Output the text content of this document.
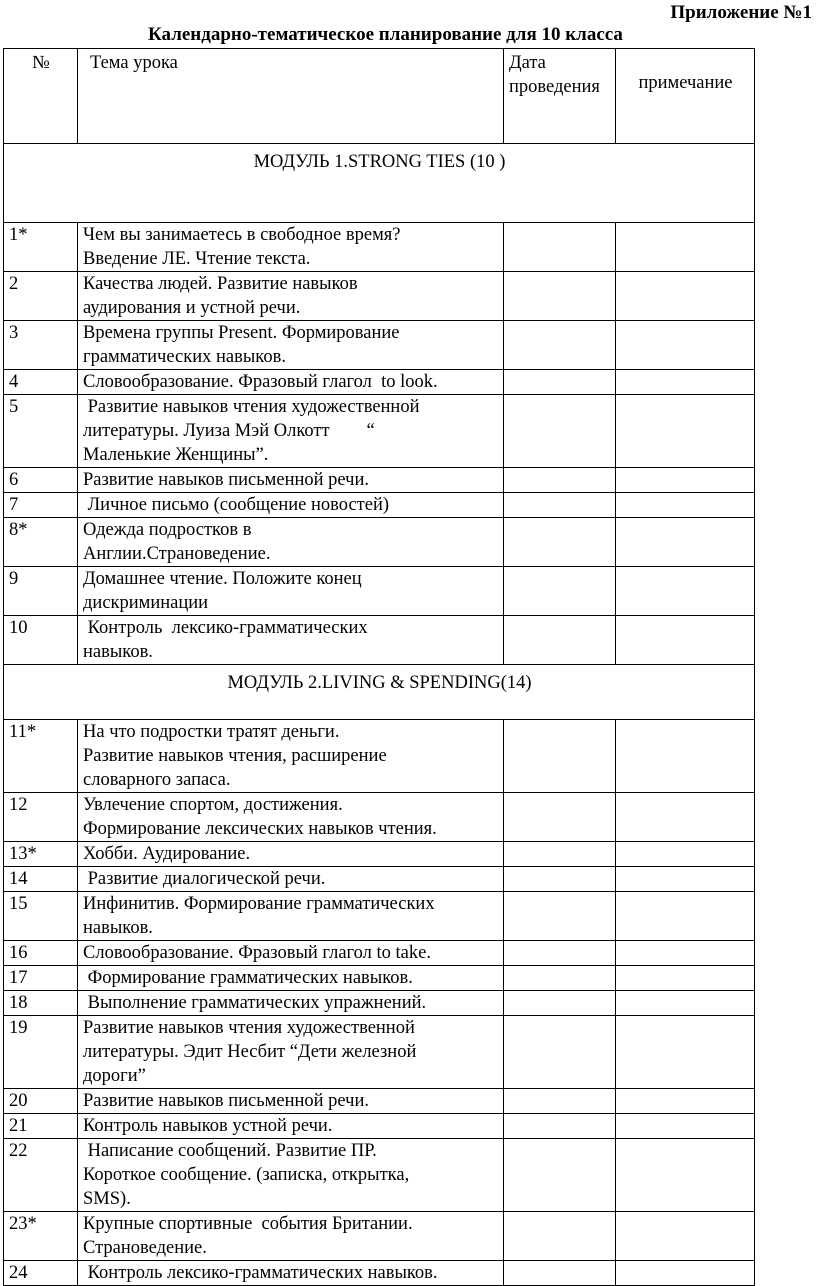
Приложение №1
Календарно-тематическое планирование для 10 класса
№	Тема урока	Дата проведения	примечание
МОДУЛЬ 1.STRONG TIES (10 )			
1*	Чем вы занимаетесь в свободное время?
Введение ЛЕ. Чтение текста.		
2	Качества людей. Развитие навыков
аудирования и устной речи.		
3	Времена группы Present. Формирование
грамматических навыков.		
4	Словообразование. Фразовый глагол  to look.		
5	Развитие навыков чтения художественной
литературы. Луиза Мэй Олкотт        “
Маленькие Женщины”.		
6	Развитие навыков письменной речи.		
7	Личное письмо (сообщение новостей)		
8*	Одежда подростков в
Англии.Страноведение.		
9	Домашнее чтение. Положите конец
дискриминации		
10	Контроль  лексико-грамматических
навыков.		
МОДУЛЬ 2.LIVING & SPENDING(14)			
11*	На что подростки тратят деньги.
Развитие навыков чтения, расширение
словарного запаса.		
12	Увлечение спортом, достижения.
Формирование лексических навыков чтения.		
13*	Хобби. Аудирование.		
14	Развитие диалогической речи.		
15	Инфинитив. Формирование грамматических
навыков.		
16	Словообразование. Фразовый глагол to take.		
17	Формирование грамматических навыков.		
18	Выполнение грамматических упражнений.		
19	Развитие навыков чтения художественной
литературы. Эдит Несбит “Дети железной
дороги”		
20	Развитие навыков письменной речи.		
21	Контроль навыков устной речи.		
22	Написание сообщений. Развитие ПР.
Короткое сообщение. (записка, открытка,
SMS).		
23*	Крупные спортивные  события Британии.
Страноведение.		
24	Контроль лексико-грамматических навыков.		
